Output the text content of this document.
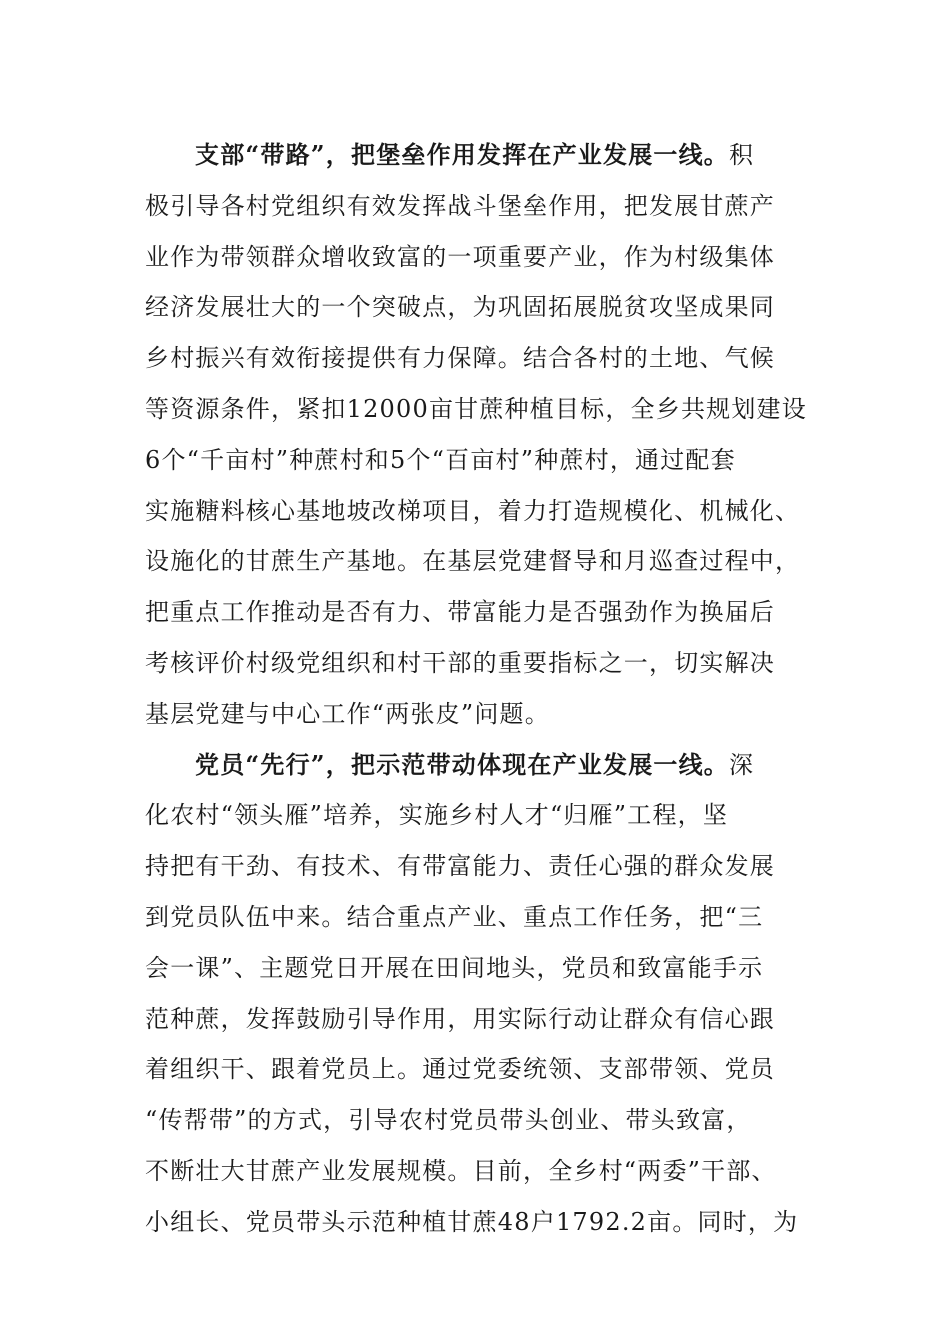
支部“带路”，把堡垒作用发挥在产业发展一线。积
极引导各村党组织有效发挥战斗堡垒作用，把发展甘蔗产
业作为带领群众增收致富的一项重要产业，作为村级集体
经济发展壮大的一个突破点，为巩固拓展脱贫攻坚成果同
乡村振兴有效衔接提供有力保障。结合各村的土地、气候
等资源条件，紧扣12000亩甘蔗种植目标，全乡共规划建设
6个“千亩村”种蔗村和5个“百亩村”种蔗村，通过配套
实施糖料核心基地坡改梯项目，着力打造规模化、机械化、
设施化的甘蔗生产基地。在基层党建督导和月巡查过程中，
把重点工作推动是否有力、带富能力是否强劲作为换届后
考核评价村级党组织和村干部的重要指标之一，切实解决
基层党建与中心工作“两张皮”问题。
党员“先行”，把示范带动体现在产业发展一线。深
化农村“领头雁”培养，实施乡村人才“归雁”工程，坚
持把有干劲、有技术、有带富能力、责任心强的群众发展
到党员队伍中来。结合重点产业、重点工作任务，把“三
会一课”、主题党日开展在田间地头，党员和致富能手示
范种蔗，发挥鼓励引导作用，用实际行动让群众有信心跟
着组织干、跟着党员上。通过党委统领、支部带领、党员
“传帮带”的方式，引导农村党员带头创业、带头致富，
不断壮大甘蔗产业发展规模。目前，全乡村“两委”干部、
小组长、党员带头示范种植甘蔗48户1792.2亩。同时，为
